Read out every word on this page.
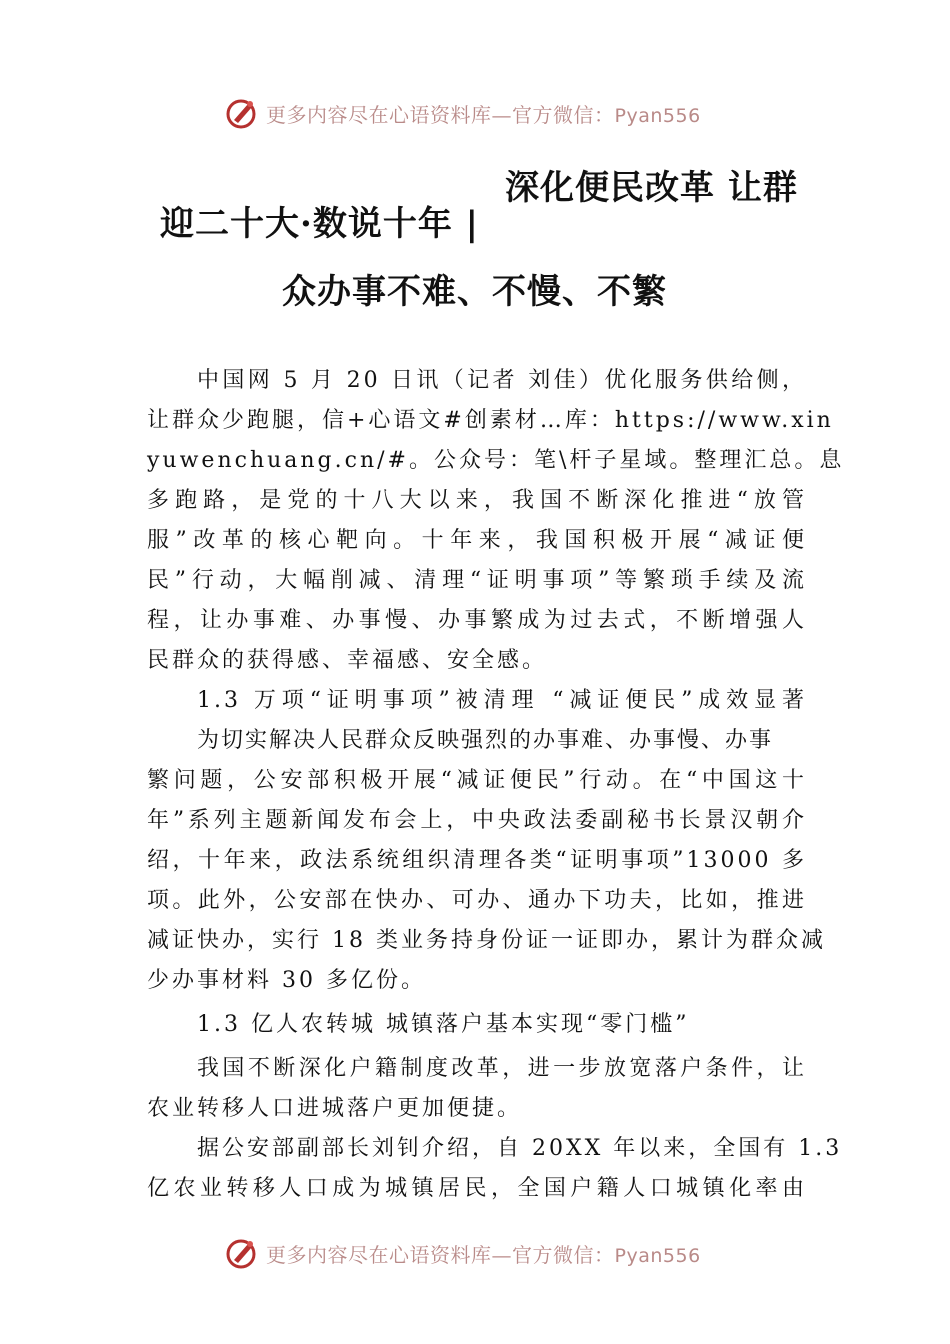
更多内容尽在心语资料库—官方微信：Pyan556
深化便民改革 让群
迎二十大·数说十年 |
众办事不难、不慢、不繁
中国网 5 月 20 日讯（记者 刘佳）优化服务供给侧，
让群众少跑腿，信+心语文#创素材…库：https://www.xin
yuwenchuang.cn/#。公众号：笔\杆子星域。整理汇总。息
多跑路，是党的十八大以来，我国不断深化推进“放管
服”改革的核心靶向。十年来，我国积极开展“减证便
民”行动，大幅削减、清理“证明事项”等繁琐手续及流
程，让办事难、办事慢、办事繁成为过去式，不断增强人
民群众的获得感、幸福感、安全感。
1.3 万项“证明事项”被清理 “减证便民”成效显著
为切实解决人民群众反映强烈的办事难、办事慢、办事
繁问题，公安部积极开展“减证便民”行动。在“中国这十
年”系列主题新闻发布会上，中央政法委副秘书长景汉朝介
绍，十年来，政法系统组织清理各类“证明事项”13000 多
项。此外，公安部在快办、可办、通办下功夫，比如，推进
减证快办，实行 18 类业务持身份证一证即办，累计为群众减
少办事材料 30 多亿份。
1.3 亿人农转城 城镇落户基本实现“零门槛”
我国不断深化户籍制度改革，进一步放宽落户条件，让
农业转移人口进城落户更加便捷。
据公安部副部长刘钊介绍，自 20XX 年以来，全国有 1.3
亿农业转移人口成为城镇居民，全国户籍人口城镇化率由
更多内容尽在心语资料库—官方微信：Pyan556
